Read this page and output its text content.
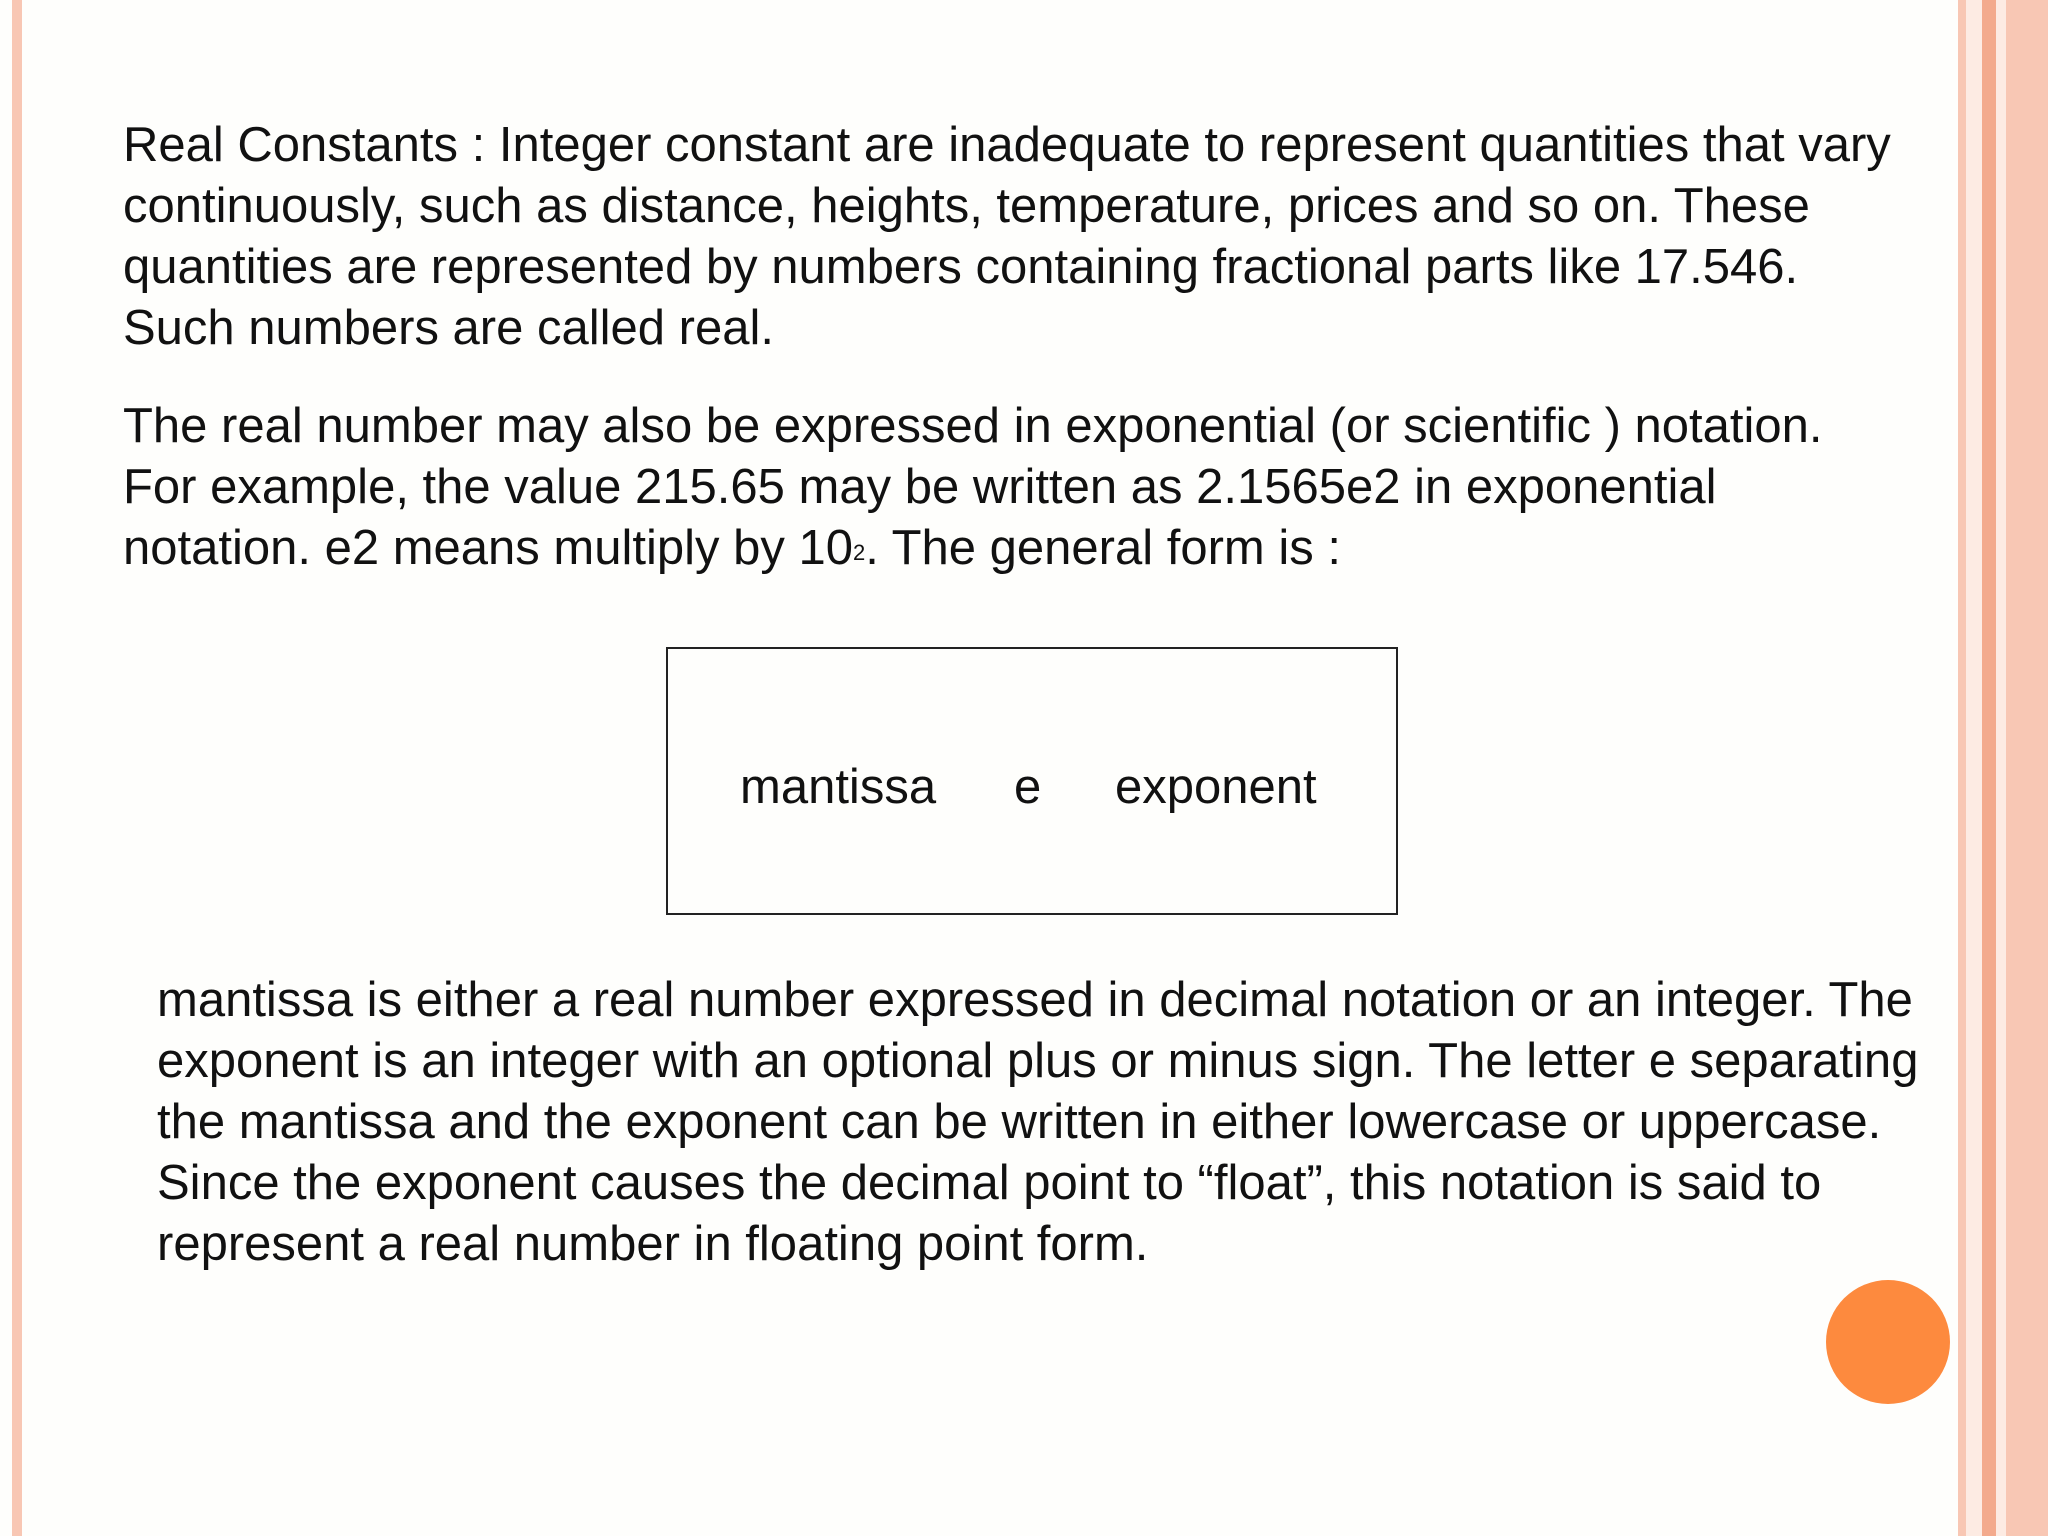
Real Constants : Integer constant are inadequate to represent quantities that vary
continuously, such as distance, heights, temperature, prices and so on. These
quantities are represented by numbers containing fractional parts like 17.546.
Such numbers are called real.

The real number may also be expressed in exponential (or scientific ) notation.
For example, the value 215.65 may be written as 2.1565e2 in exponential
notation. e2 means multiply by $10^2$. The general form is :

mantissa e exponent

mantissa is either a real number expressed in decimal notation or an integer. The
exponent is an integer with an optional plus or minus sign. The letter e separating
the mantissa and the exponent can be written in either lowercase or uppercase.
Since the exponent causes the decimal point to “float”, this notation is said to
represent a real number in floating point form.
